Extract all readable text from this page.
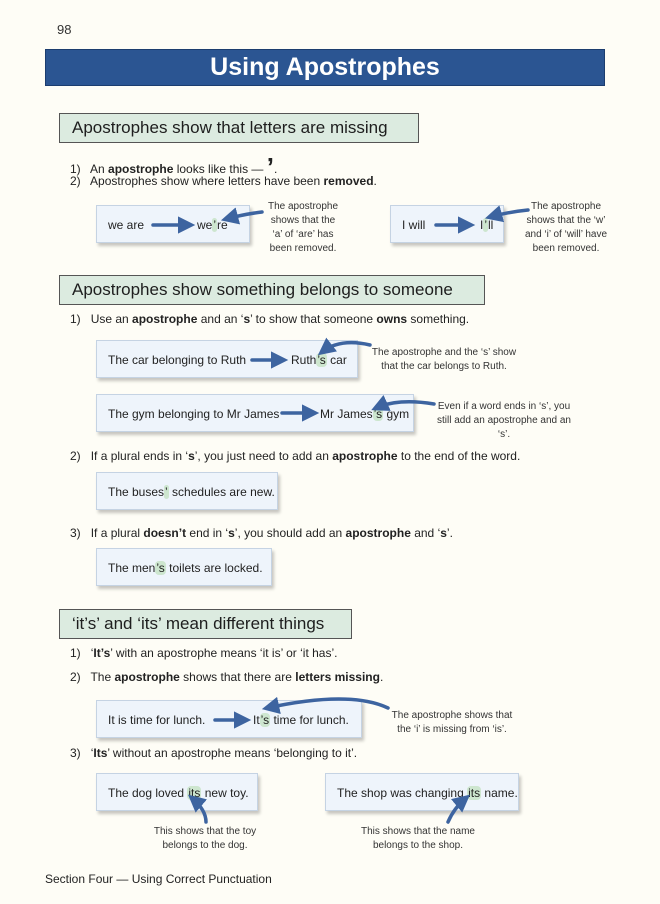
98
Using Apostrophes
Apostrophes show that letters are missing
1) An apostrophe looks like this — ’.
2) Apostrophes show where letters have been removed.
we are	we’re
The apostrophe
shows that the
‘a’ of ‘are’ has
been removed.
I will	I’ll
The apostrophe
shows that the ‘w’
and ‘i’ of ‘will’ have
been removed.
Apostrophes show something belongs to someone
1) Use an apostrophe and an ‘s’ to show that someone owns something.
The car belonging to Ruth	Ruth’s car
The apostrophe and the ‘s’ show
that the car belongs to Ruth.
The gym belonging to Mr James	Mr James’s gym
Even if a word ends in ‘s’, you
still add an apostrophe and an ‘s’.
2) If a plural ends in ‘s’, you just need to add an apostrophe to the end of the word.
The buses’ schedules are new.
3) If a plural doesn’t end in ‘s’, you should add an apostrophe and ‘s’.
The men’s toilets are locked.
‘it’s’ and ‘its’ mean different things
1) ‘It’s’ with an apostrophe means ‘it is’ or ‘it has’.
2) The apostrophe shows that there are letters missing.
It is time for lunch.	It’s time for lunch.	The apostrophe shows that
the ‘i’ is missing from ‘is’.
3) ‘Its’ without an apostrophe means ‘belonging to it’.
The dog loved its new toy.
This shows that the toy
belongs to the dog.
The shop was changing its name.
This shows that the name
belongs to the shop.
Section Four — Using Correct Punctuation
